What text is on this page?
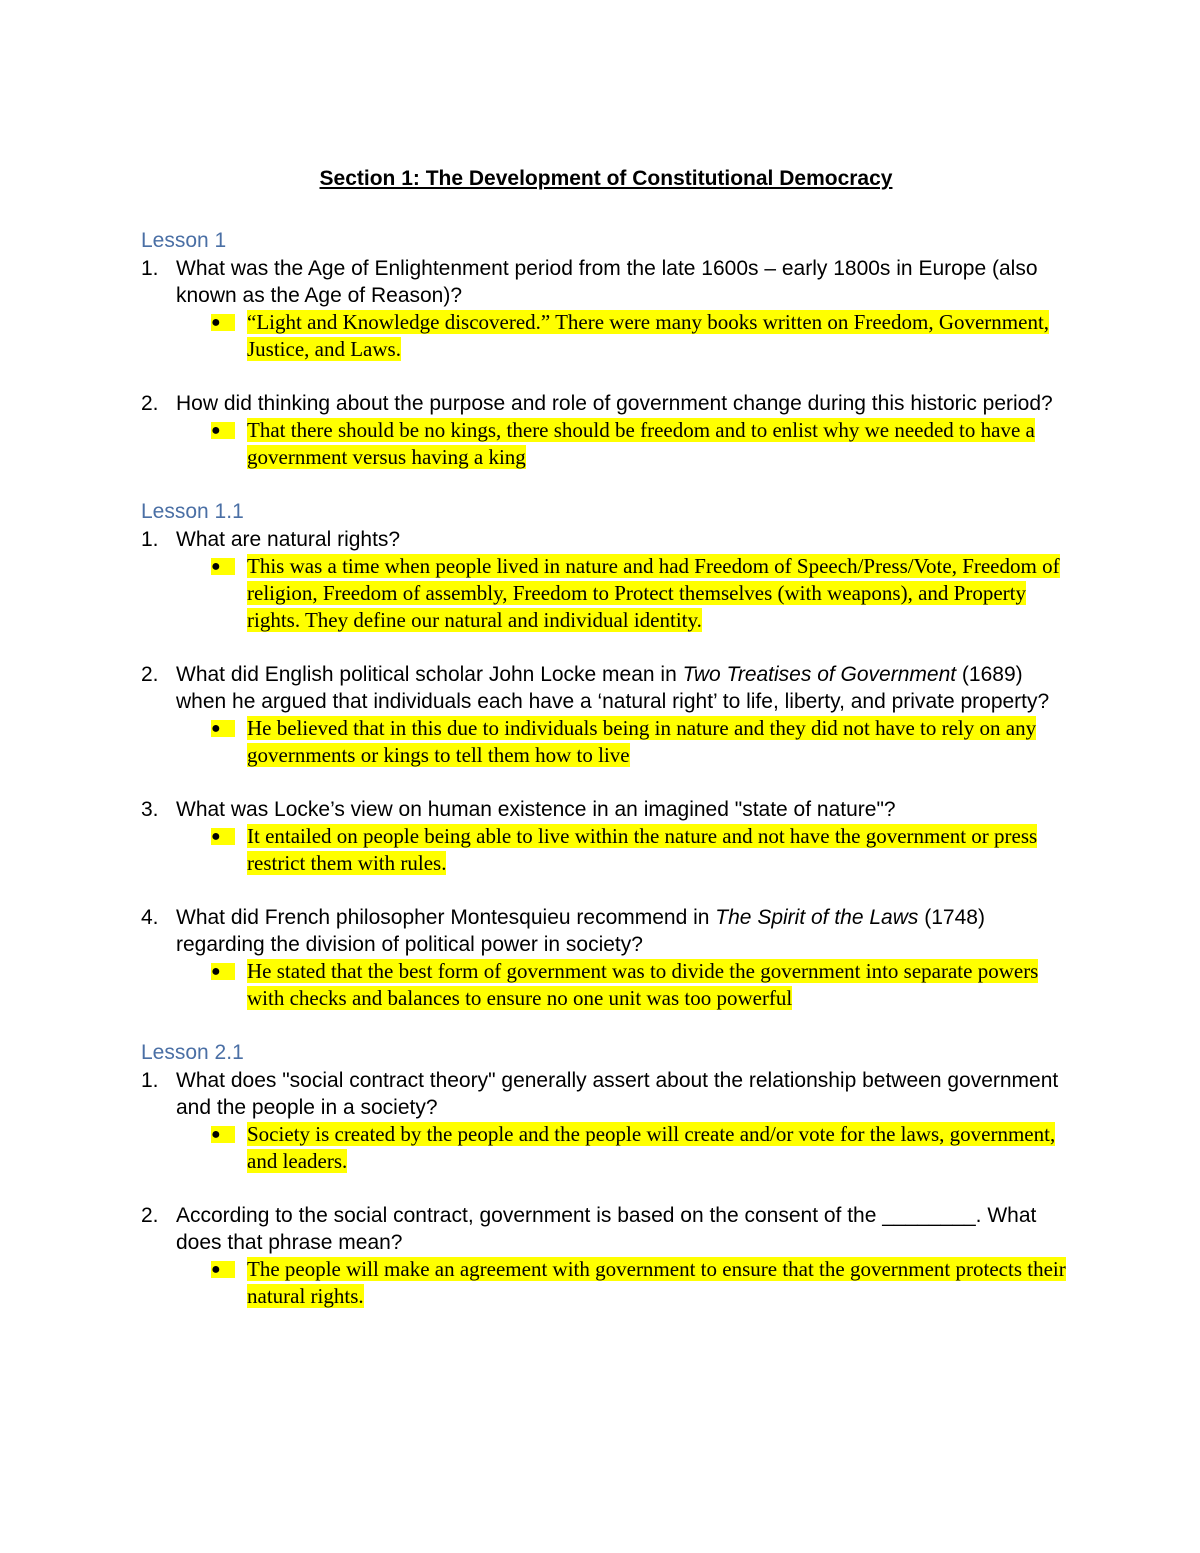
Section 1: The Development of Constitutional Democracy
Lesson 1
1. What was the Age of Enlightenment period from the late 1600s – early 1800s in Europe (also known as the Age of Reason)?
●	“Light and Knowledge discovered.” There were many books written on Freedom, Government, Justice, and Laws.
2. How did thinking about the purpose and role of government change during this historic period?
●	That there should be no kings, there should be freedom and to enlist why we needed to have a government versus having a king
Lesson 1.1
1. What are natural rights?
●	This was a time when people lived in nature and had Freedom of Speech/Press/Vote, Freedom of religion, Freedom of assembly, Freedom to Protect themselves (with weapons), and Property rights. They define our natural and individual identity.
2. What did English political scholar John Locke mean in Two Treatises of Government (1689) when he argued that individuals each have a ‘natural right’ to life, liberty, and private property?
●	He believed that in this due to individuals being in nature and they did not have to rely on any governments or kings to tell them how to live
3. What was Locke’s view on human existence in an imagined "state of nature"?
●	It entailed on people being able to live within the nature and not have the government or press restrict them with rules.
4. What did French philosopher Montesquieu recommend in The Spirit of the Laws (1748) regarding the division of political power in society?
●	He stated that the best form of government was to divide the government into separate powers with checks and balances to ensure no one unit was too powerful
Lesson 2.1
1. What does "social contract theory" generally assert about the relationship between government and the people in a society?
●	Society is created by the people and the people will create and/or vote for the laws, government, and leaders.
2. According to the social contract, government is based on the consent of the ________. What does that phrase mean?
●	The people will make an agreement with government to ensure that the government protects their natural rights.
